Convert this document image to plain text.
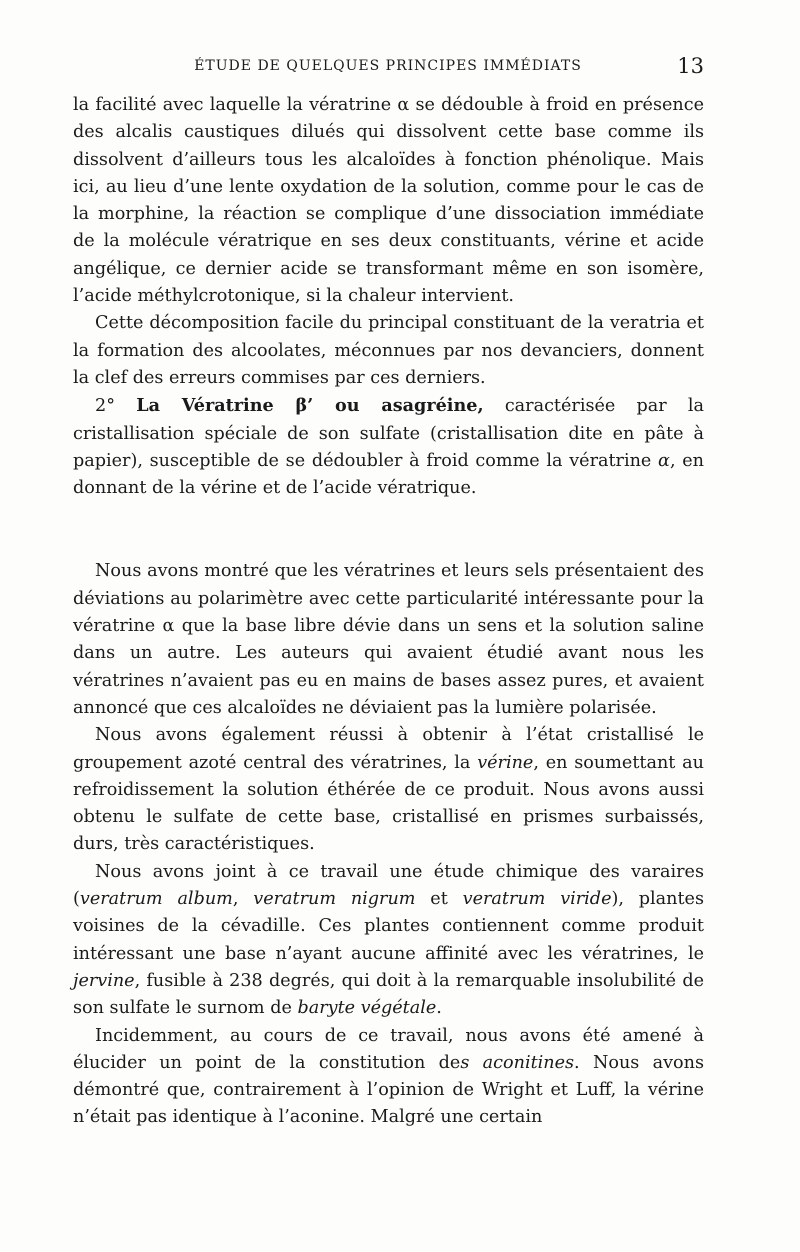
ÉTUDE DE QUELQUES PRINCIPES IMMÉDIATS	13

la facilité avec laquelle la vératrine α se dédouble à froid en présence des alcalis caustiques dilués qui dissolvent cette base comme ils dissolvent d’ailleurs tous les alcaloïdes à fonction phénolique. Mais ici, au lieu d’une lente oxydation de la solution, comme pour le cas de la morphine, la réaction se complique d’une dissociation immédiate de la molécule vératrique en ses deux constituants, vérine et acide angélique, ce dernier acide se transformant même en son isomère, l’acide méthylcrotonique, si la chaleur intervient.

Cette décomposition facile du principal constituant de la veratria et la formation des alcoolates, méconnues par nos devanciers, donnent la clef des erreurs commises par ces derniers.

2° La Vératrine β’ ou asagréine, caractérisée par la cristallisation spéciale de son sulfate (cristallisation dite en pâte à papier), susceptible de se dédoubler à froid comme la vératrine α, en donnant de la vérine et de l’acide vératrique.

Nous avons montré que les vératrines et leurs sels présentaient des déviations au polarimètre avec cette particularité intéressante pour la vératrine α que la base libre dévie dans un sens et la solution saline dans un autre. Les auteurs qui avaient étudié avant nous les vératrines n’avaient pas eu en mains de bases assez pures, et avaient annoncé que ces alcaloïdes ne déviaient pas la lumière polarisée.

Nous avons également réussi à obtenir à l’état cristallisé le groupement azoté central des vératrines, la vérine, en soumettant au refroidissement la solution éthérée de ce produit. Nous avons aussi obtenu le sulfate de cette base, cristallisé en prismes surbaissés, durs, très caractéristiques.

Nous avons joint à ce travail une étude chimique des varaires (veratrum album, veratrum nigrum et veratrum viride), plantes voisines de la cévadille. Ces plantes contiennent comme produit intéressant une base n’ayant aucune affinité avec les vératrines, le jervine, fusible à 238 degrés, qui doit à la remarquable insolubilité de son sulfate le surnom de baryte végétale.

Incidemment, au cours de ce travail, nous avons été amené à élucider un point de la constitution des aconitines. Nous avons démontré que, contrairement à l’opinion de Wright et Luff, la vérine n’était pas identique à l’aconine. Malgré une certain
